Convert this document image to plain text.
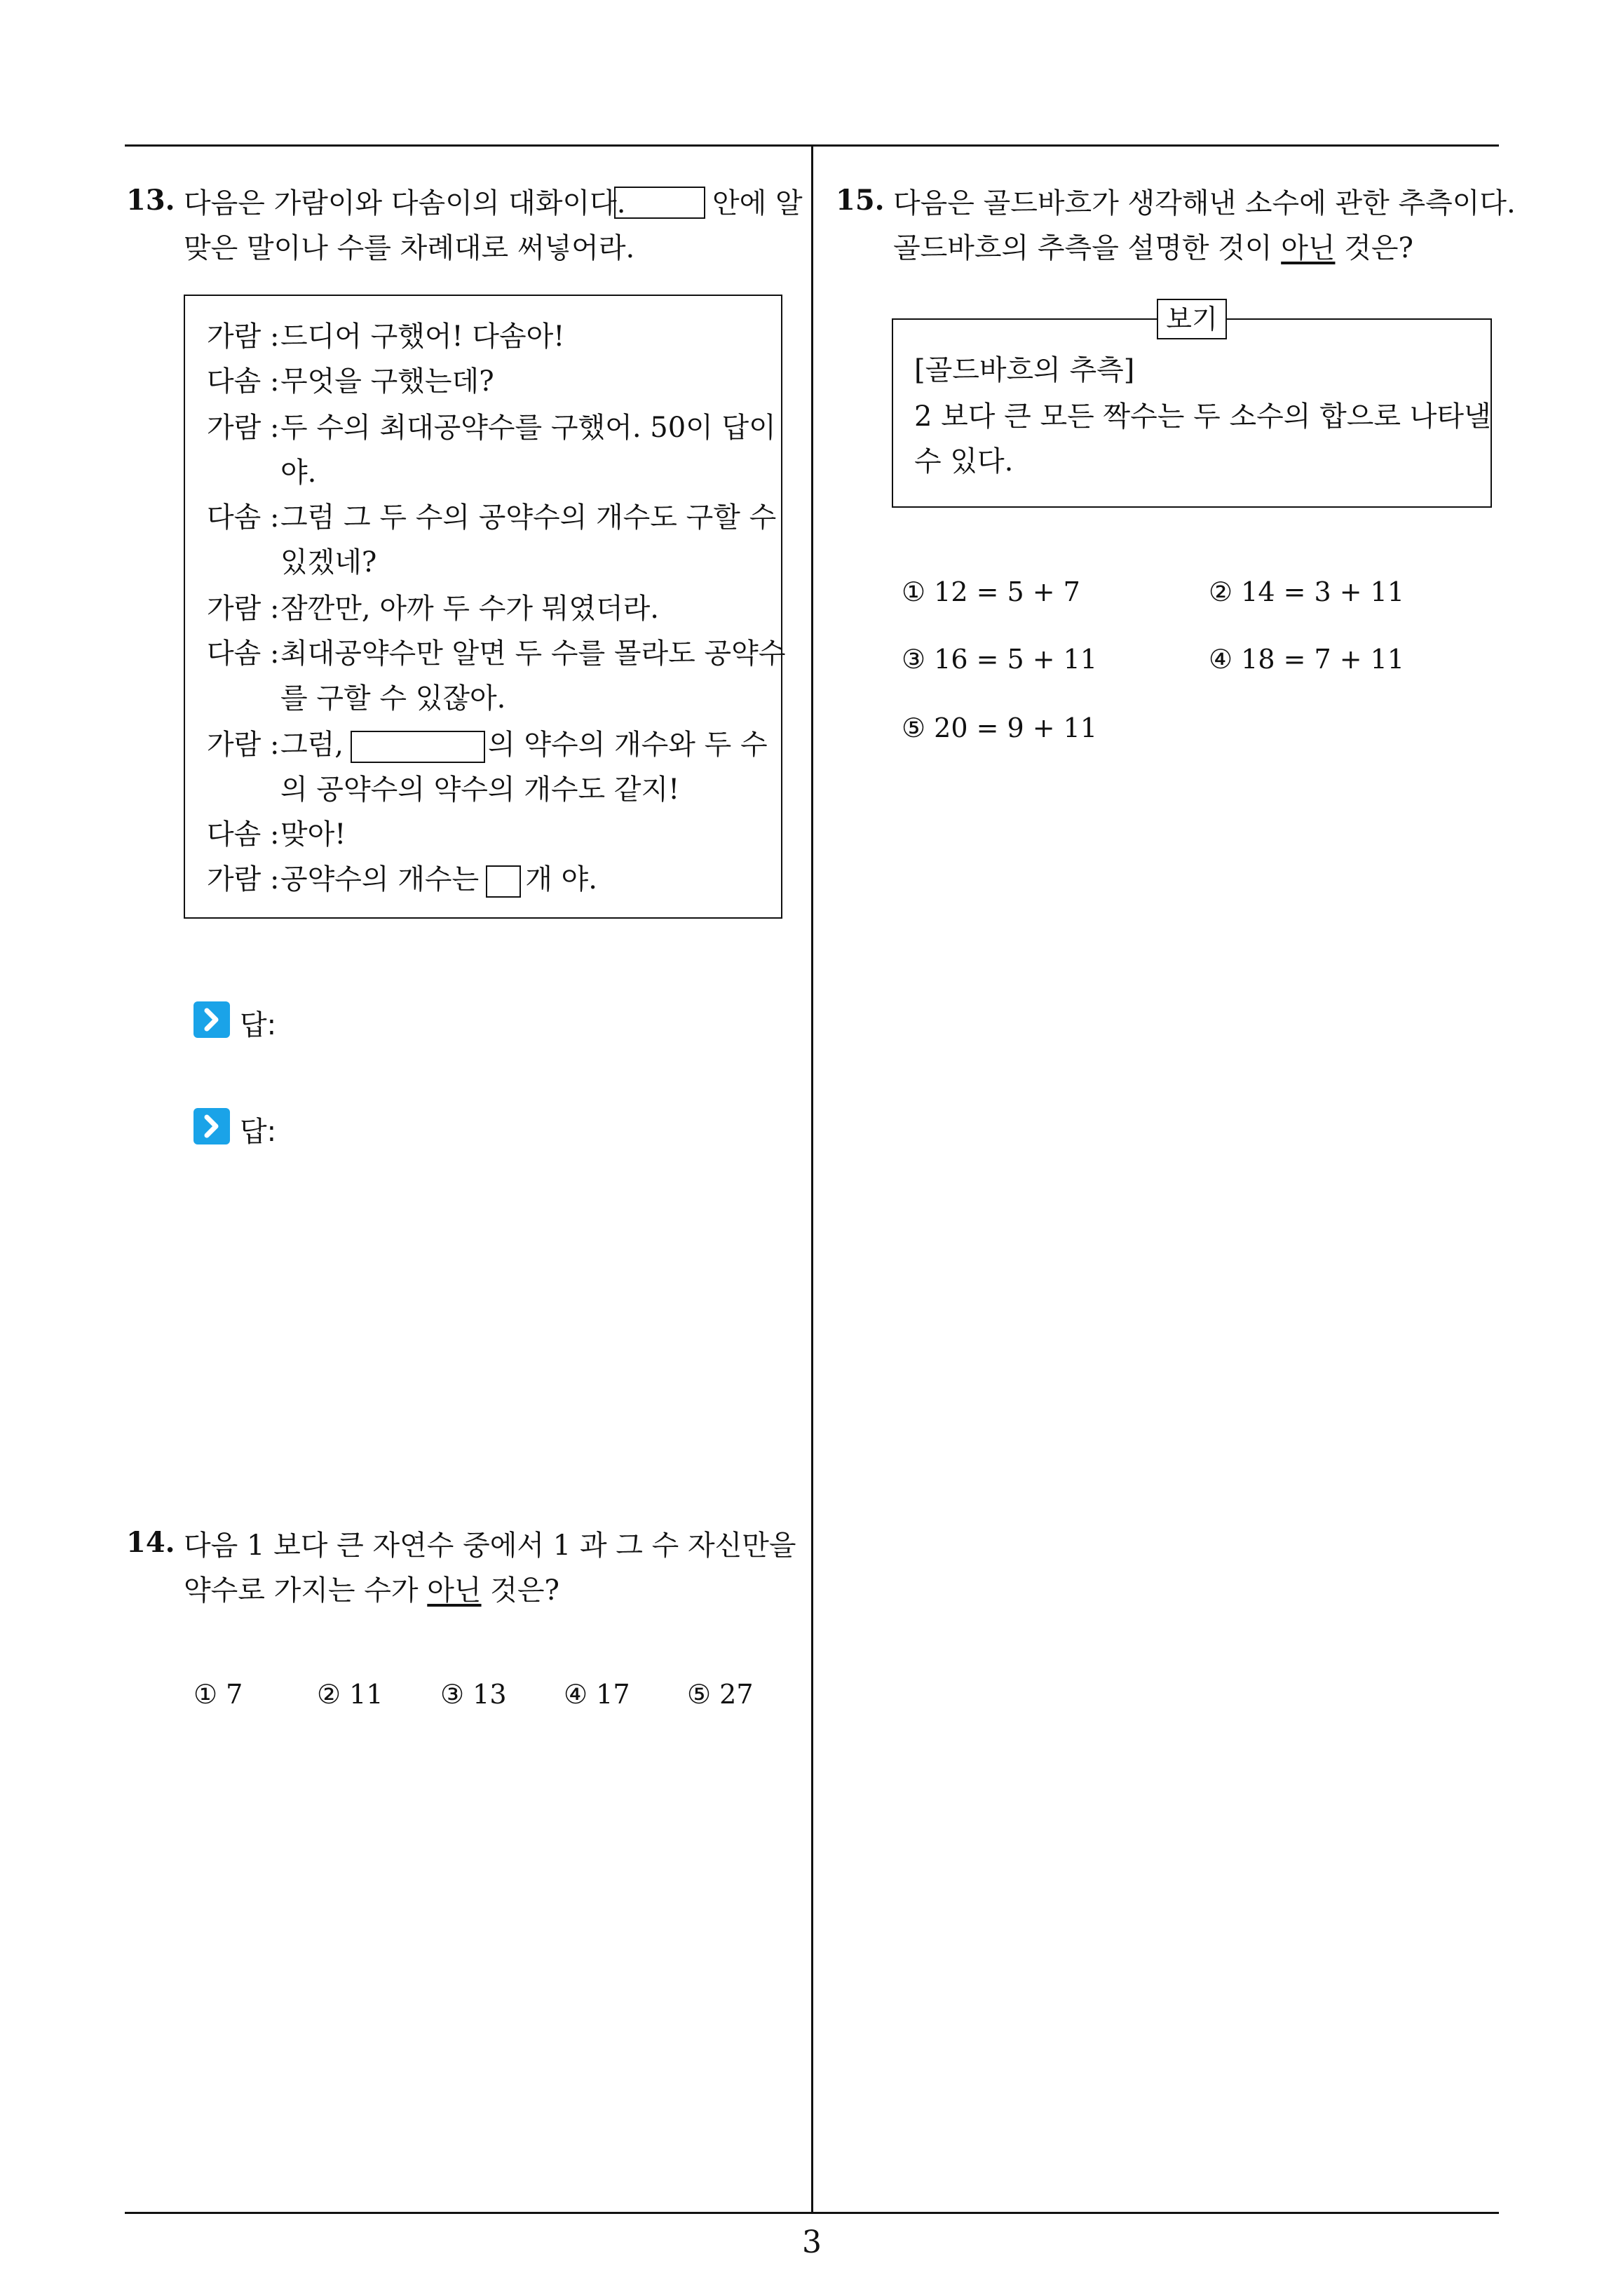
13. 다음은 가람이와 다솜이의 대화이다.	안에 알
맞은 말이나 수를 차례대로 써넣어라.
가람 :드디어 구했어! 다솜아!
다솜 :무엇을 구했는데?
가람 :두 수의 최대공약수를 구했어. 50이 답이
야.
다솜 :그럼 그 두 수의 공약수의 개수도 구할 수
있겠네?
가람 :잠깐만, 아까 두 수가 뭐였더라.
다솜 :최대공약수만 알면 두 수를 몰라도 공약수
를 구할 수 있잖아.
가람 :그럼,	의 약수의 개수와 두 수
의 공약수의 약수의 개수도 같지!
다솜 :맞아!
가람 :공약수의 개수는 개 야.
답:
답:
14. 다음 1 보다 큰 자연수 중에서 1 과 그 수 자신만을
약수로 가지는 수가 아닌 것은?
① 7	② 11 ③ 13 ④ 17 ⑤ 27
15. 다음은 골드바흐가 생각해낸 소수에 관한 추측이다.
골드바흐의 추측을 설명한 것이 아닌 것은?
보기
[골드바흐의 추측]
2 보다 큰 모든 짝수는 두 소수의 합으로 나타낼
수 있다.
① 12 = 5 + 7	② 14 = 3 + 11
③ 16 = 5 + 11	④ 18 = 7 + 11
⑤ 20 = 9 + 11
3
